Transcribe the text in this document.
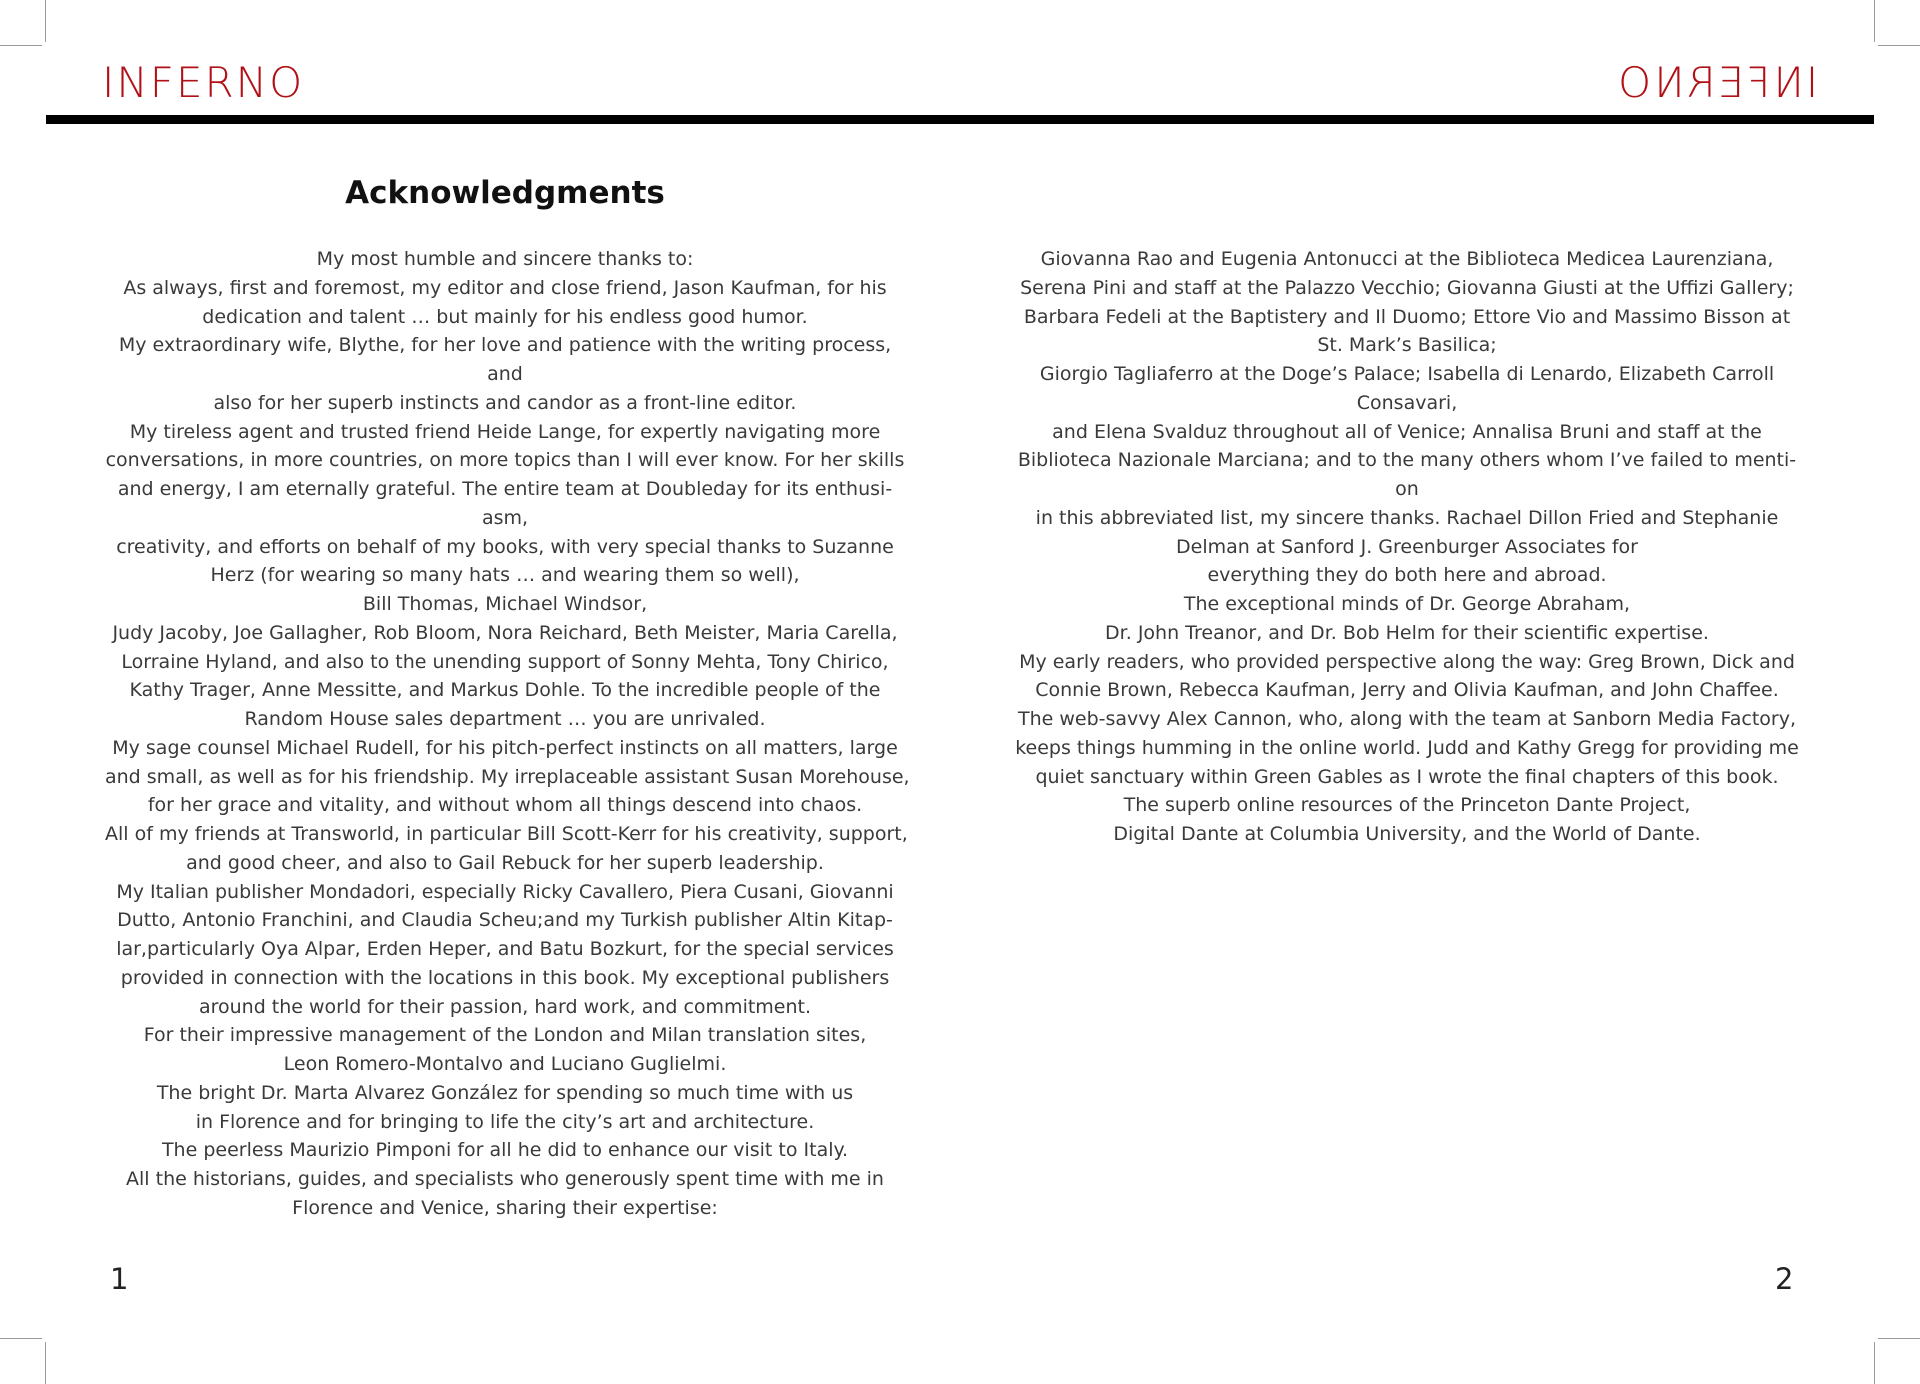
INFERNO	INFERNO
Acknowledgments
My most humble and sincere thanks to:
As always, first and foremost, my editor and close friend, Jason Kaufman, for his
dedication and talent … but mainly for his endless good humor.
My extraordinary wife, Blythe, for her love and patience with the writing process,
and
also for her superb instincts and candor as a front-line editor.
My tireless agent and trusted friend Heide Lange, for expertly navigating more
conversations, in more countries, on more topics than I will ever know. For her skills
and energy, I am eternally grateful. The entire team at Doubleday for its enthusi-
asm,
creativity, and efforts on behalf of my books, with very special thanks to Suzanne
Herz (for wearing so many hats … and wearing them so well),
Bill Thomas, Michael Windsor,
Judy Jacoby, Joe Gallagher, Rob Bloom, Nora Reichard, Beth Meister, Maria Carella,
Lorraine Hyland, and also to the unending support of Sonny Mehta, Tony Chirico,
Kathy Trager, Anne Messitte, and Markus Dohle. To the incredible people of the
Random House sales department … you are unrivaled.
My sage counsel Michael Rudell, for his pitch-perfect instincts on all matters, large
and small, as well as for his friendship. My irreplaceable assistant Susan Morehouse,
for her grace and vitality, and without whom all things descend into chaos.
All of my friends at Transworld, in particular Bill Scott-Kerr for his creativity, support,
and good cheer, and also to Gail Rebuck for her superb leadership.
My Italian publisher Mondadori, especially Ricky Cavallero, Piera Cusani, Giovanni
Dutto, Antonio Franchini, and Claudia Scheu;and my Turkish publisher Altin Kitap-
lar,particularly Oya Alpar, Erden Heper, and Batu Bozkurt, for the special services
provided in connection with the locations in this book. My exceptional publishers
around the world for their passion, hard work, and commitment.
For their impressive management of the London and Milan translation sites,
Leon Romero-Montalvo and Luciano Guglielmi.
The bright Dr. Marta Alvarez González for spending so much time with us
in Florence and for bringing to life the city’s art and architecture.
The peerless Maurizio Pimponi for all he did to enhance our visit to Italy.
All the historians, guides, and specialists who generously spent time with me in
Florence and Venice, sharing their expertise:
1
Giovanna Rao and Eugenia Antonucci at the Biblioteca Medicea Laurenziana,
Serena Pini and staff at the Palazzo Vecchio; Giovanna Giusti at the Uffizi Gallery;
Barbara Fedeli at the Baptistery and Il Duomo; Ettore Vio and Massimo Bisson at
St. Mark’s Basilica;
Giorgio Tagliaferro at the Doge’s Palace; Isabella di Lenardo, Elizabeth Carroll
Consavari,
and Elena Svalduz throughout all of Venice; Annalisa Bruni and staff at the
Biblioteca Nazionale Marciana; and to the many others whom I’ve failed to menti-
on
in this abbreviated list, my sincere thanks. Rachael Dillon Fried and Stephanie
Delman at Sanford J. Greenburger Associates for
everything they do both here and abroad.
The exceptional minds of Dr. George Abraham,
Dr. John Treanor, and Dr. Bob Helm for their scientific expertise.
My early readers, who provided perspective along the way: Greg Brown, Dick and
Connie Brown, Rebecca Kaufman, Jerry and Olivia Kaufman, and John Chaffee.
The web-savvy Alex Cannon, who, along with the team at Sanborn Media Factory,
keeps things humming in the online world. Judd and Kathy Gregg for providing me
quiet sanctuary within Green Gables as I wrote the final chapters of this book.
The superb online resources of the Princeton Dante Project,
Digital Dante at Columbia University, and the World of Dante.
2
